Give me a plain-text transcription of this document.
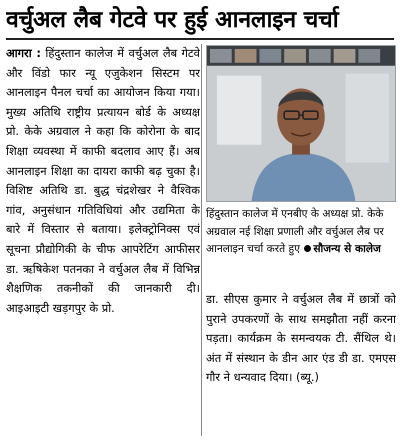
वर्चुअल लैब गेटवे पर हुई आनलाइन चर्चा
आगरा : हिंदुस्तान कालेज में वर्चुअल लैब गेटवे और विंडो फार न्यू एजुकेशन सिस्टम पर आनलाइन पैनल चर्चा का आयोजन किया गया। मुख्य अतिथि राष्ट्रीय प्रत्यायन बोर्ड के अध्यक्ष प्रो. केके अग्रवाल ने कहा कि कोरोना के बाद शिक्षा व्यवस्था में काफी बदलाव आए हैं। अब आनलाइन शिक्षा का दायरा काफी बढ़ चुका है। विशिष्ट अतिथि डा. बुद्ध चंद्रशेखर ने वैश्विक गांव, अनुसंधान गतिविधियां और उद्यमिता के बारे में विस्तार से बताया। इलेक्ट्रोनिक्स एवं सूचना प्रौद्योगिकी के चीफ आपरेटिंग आफीसर डा. ऋषिकेश पतनका ने वर्चुअल लैब में विभिन्न शैक्षणिक तकनीकों की जानकारी दी। आइआइटी खड़गपुर के प्रो.
हिंदुस्तान कालेज में एनबीए के अध्यक्ष प्रो. केके अग्रवाल नई शिक्षा प्रणाली और वर्चुअल लैब पर आनलाइन चर्चा करते हुए सौजन्य से कालेज
डा. सीएस कुमार ने वर्चुअल लैब में छात्रों को पुराने उपकरणों के साथ समझौता नहीं करना पड़ता। कार्यक्रम के समन्वयक टी. सैंथिल थे। अंत में संस्थान के डीन आर एंड डी डा. एमएस गौर ने धन्यवाद दिया। (ब्यू.)
